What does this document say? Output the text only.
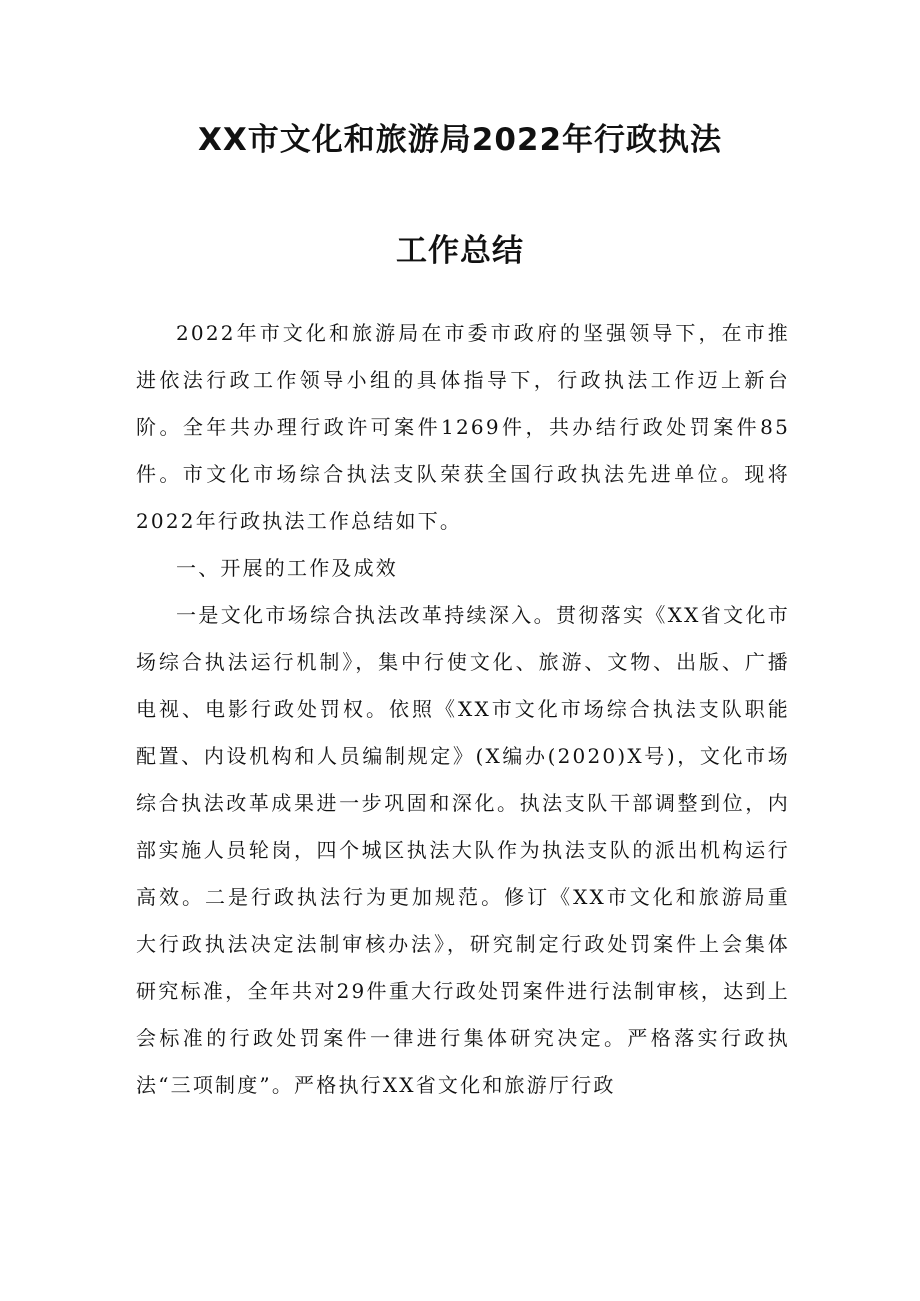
XX市文化和旅游局2022年行政执法
工作总结

2022年市文化和旅游局在市委市政府的坚强领导下，在市推进依法行政工作领导小组的具体指导下，行政执法工作迈上新台阶。全年共办理行政许可案件1269件，共办结行政处罚案件85件。市文化市场综合执法支队荣获全国行政执法先进单位。现将2022年行政执法工作总结如下。

一、开展的工作及成效

一是文化市场综合执法改革持续深入。贯彻落实《XX省文化市场综合执法运行机制》，集中行使文化、旅游、文物、出版、广播电视、电影行政处罚权。依照《XX市文化市场综合执法支队职能配置、内设机构和人员编制规定》(X编办(2020)X号)，文化市场综合执法改革成果进一步巩固和深化。执法支队干部调整到位，内部实施人员轮岗，四个城区执法大队作为执法支队的派出机构运行高效。二是行政执法行为更加规范。修订《XX市文化和旅游局重大行政执法决定法制审核办法》，研究制定行政处罚案件上会集体研究标准，全年共对29件重大行政处罚案件进行法制审核，达到上会标准的行政处罚案件一律进行集体研究决定。严格落实行政执法“三项制度”。严格执行XX省文化和旅游厅行政
